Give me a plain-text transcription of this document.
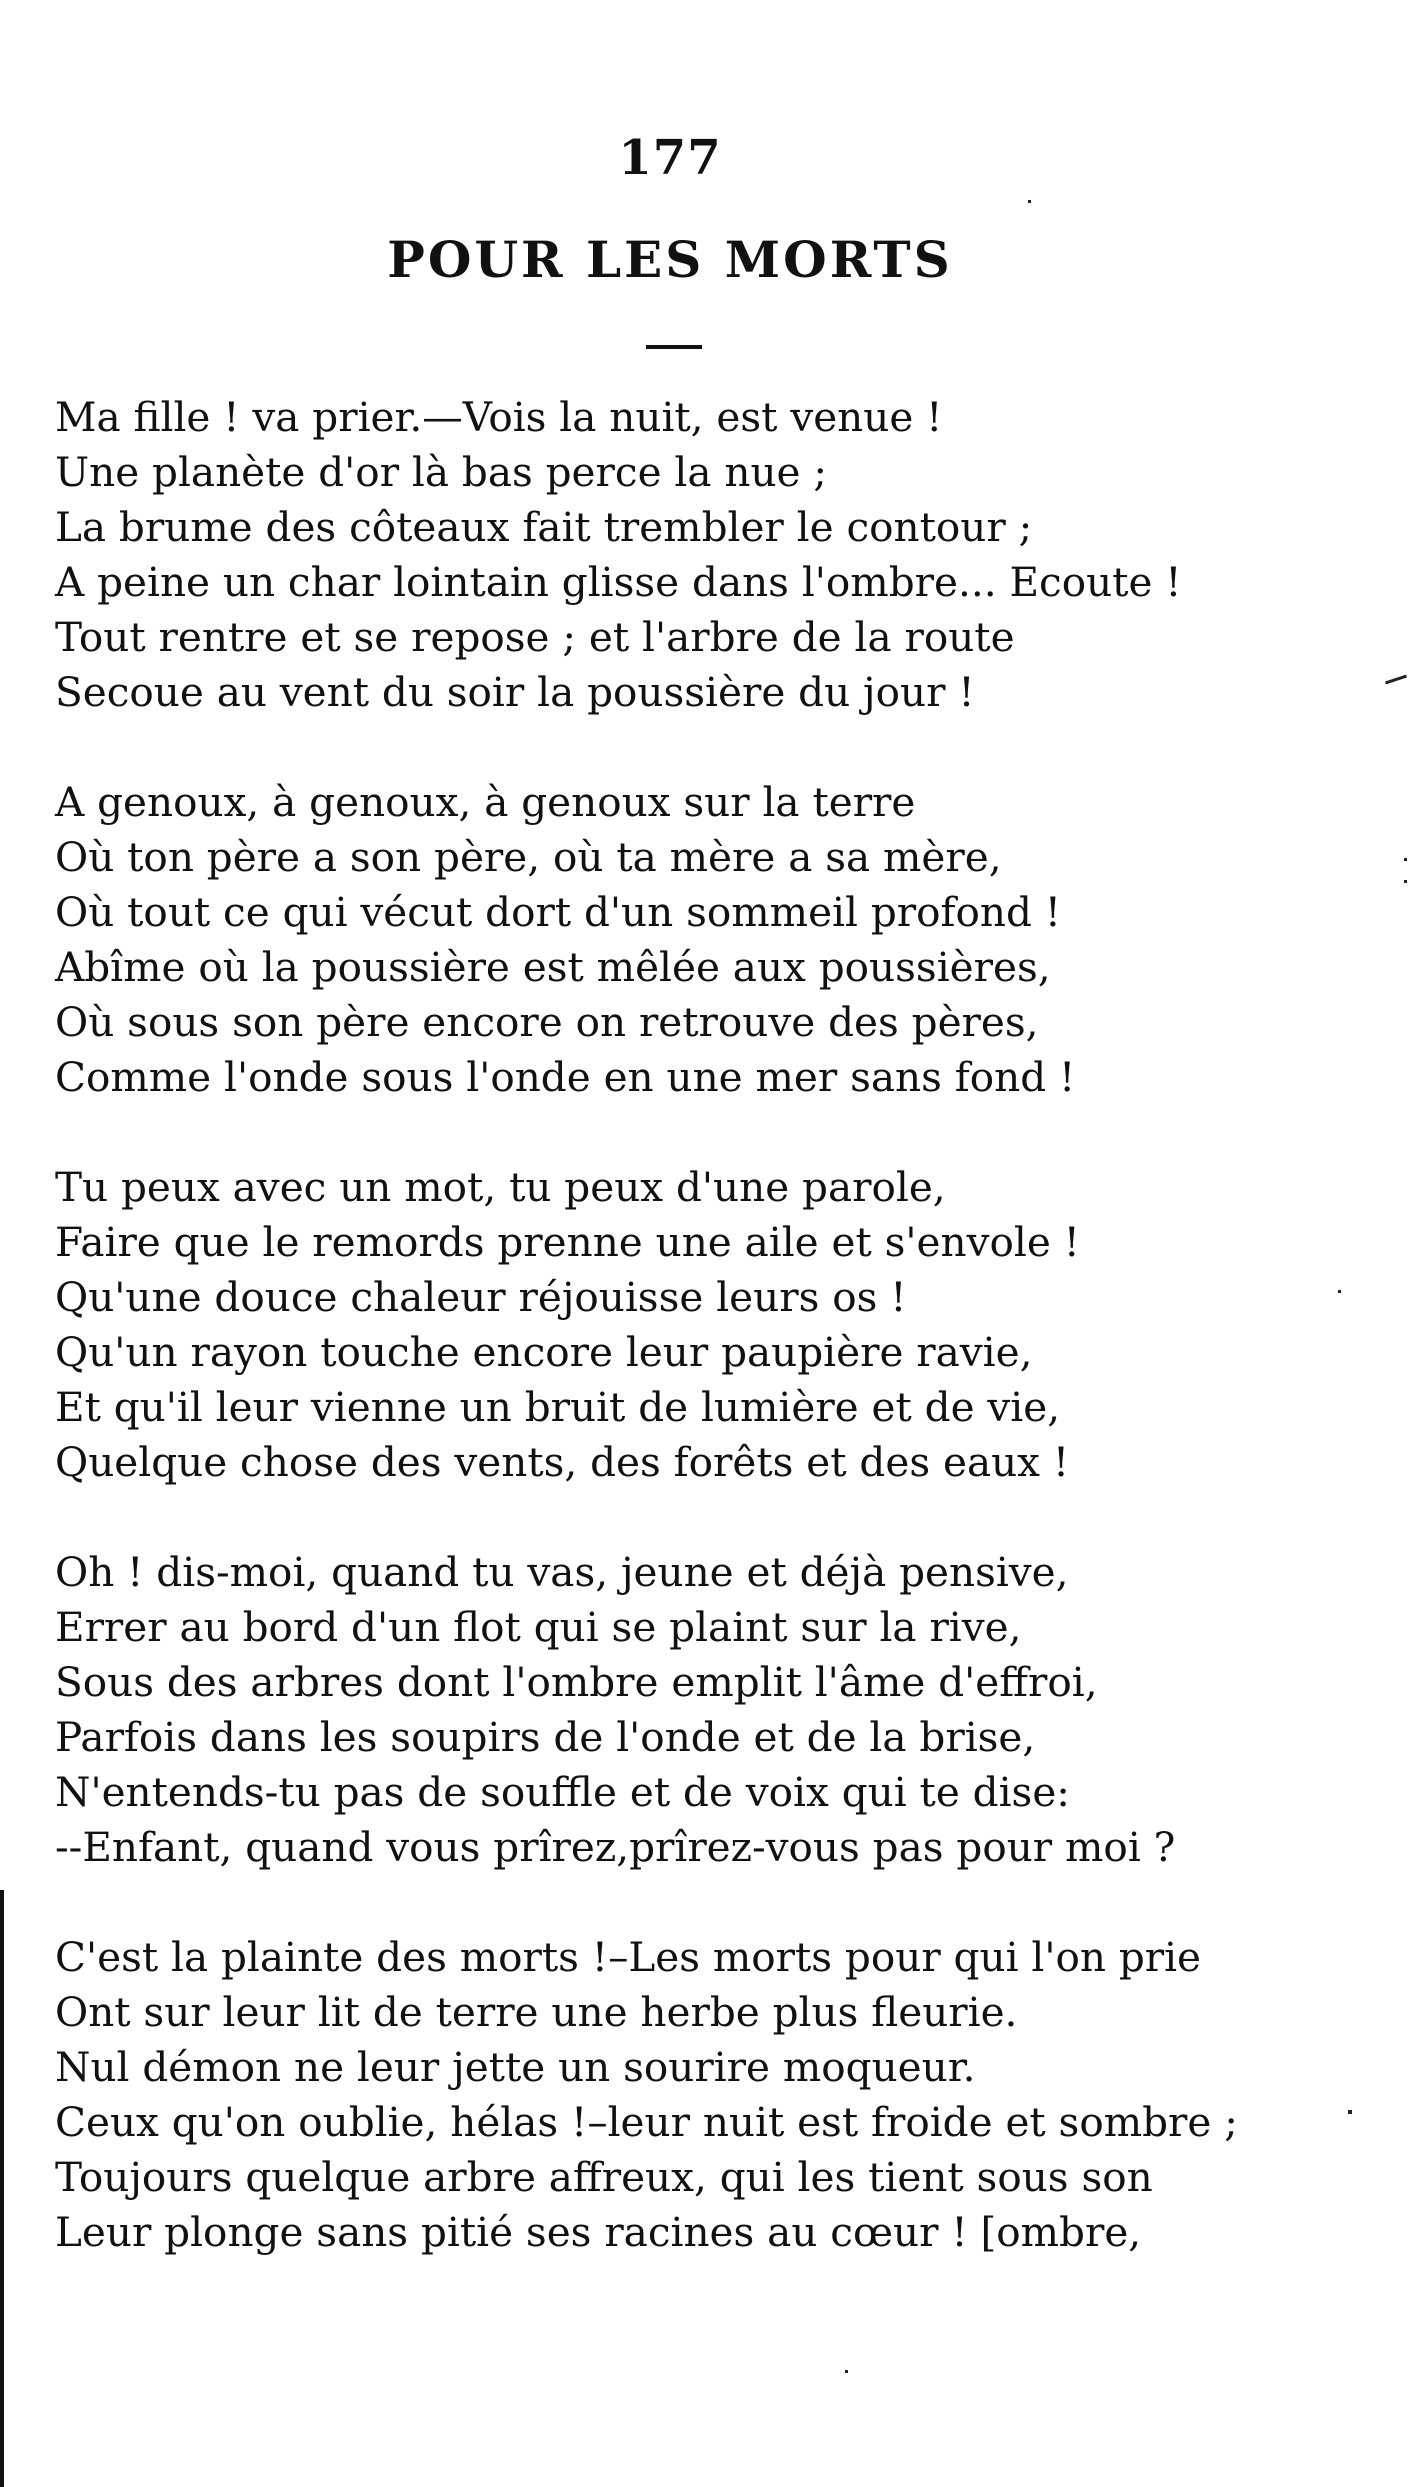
177
POUR LES MORTS
Ma fille ! va prier.—Vois la nuit, est venue !
Une planète d'or là bas perce la nue ;
La brume des côteaux fait trembler le contour ;
A peine un char lointain glisse dans l'ombre... Ecoute !
Tout rentre et se repose ; et l'arbre de la route
Secoue au vent du soir la poussière du jour !
A genoux, à genoux, à genoux sur la terre
Où ton père a son père, où ta mère a sa mère,
Où tout ce qui vécut dort d'un sommeil profond !
Abîme où la poussière est mêlée aux poussières,
Où sous son père encore on retrouve des pères,
Comme l'onde sous l'onde en une mer sans fond !
Tu peux avec un mot, tu peux d'une parole,
Faire que le remords prenne une aile et s'envole !
Qu'une douce chaleur réjouisse leurs os !
Qu'un rayon touche encore leur paupière ravie,
Et qu'il leur vienne un bruit de lumière et de vie,
Quelque chose des vents, des forêts et des eaux !
Oh ! dis-moi, quand tu vas, jeune et déjà pensive,
Errer au bord d'un flot qui se plaint sur la rive,
Sous des arbres dont l'ombre emplit l'âme d'effroi,
Parfois dans les soupirs de l'onde et de la brise,
N'entends-tu pas de souffle et de voix qui te dise:
--Enfant, quand vous prîrez,prîrez-vous pas pour moi ?
C'est la plainte des morts !–Les morts pour qui l'on prie
Ont sur leur lit de terre une herbe plus fleurie.
Nul démon ne leur jette un sourire moqueur.
Ceux qu'on oublie, hélas !–leur nuit est froide et sombre ;
Toujours quelque arbre affreux, qui les tient sous son
Leur plonge sans pitié ses racines au cœur ! [ombre,
